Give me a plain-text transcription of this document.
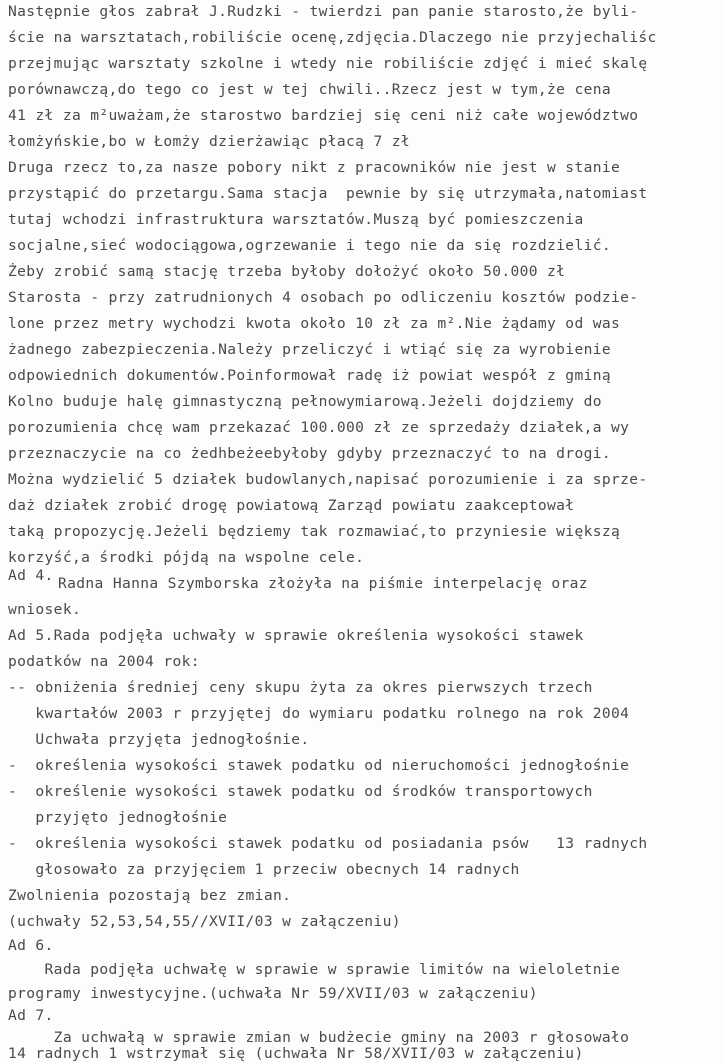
Następnie głos zabrał J.Rudzki - twierdzi pan panie starosto,że byli-
ście na warsztatach,robiliście ocenę,zdjęcia.Dlaczego nie przyjechaliśc
przejmując warsztaty szkolne i wtedy nie robiliście zdjęć i mieć skalę
porównawczą,do tego co jest w tej chwili..Rzecz jest w tym,że cena
41 zł za m²uważam,że starostwo bardziej się ceni niż całe województwo
łomżyńskie,bo w Łomży dzierżawiąc płacą 7 zł
Druga rzecz to,za nasze pobory nikt z pracowników nie jest w stanie
przystąpić do przetargu.Sama stacja  pewnie by się utrzymała,natomiast
tutaj wchodzi infrastruktura warsztatów.Muszą być pomieszczenia
socjalne,sieć wodociągowa,ogrzewanie i tego nie da się rozdzielić.
Żeby zrobić samą stację trzeba byłoby dołożyć około 50.000 zł
Starosta - przy zatrudnionych 4 osobach po odliczeniu kosztów podzie-
lone przez metry wychodzi kwota około 10 zł za m².Nie żądamy od was
żadnego zabezpieczenia.Należy przeliczyć i wtiąć się za wyrobienie
odpowiednich dokumentów.Poinformował radę iż powiat wespół z gminą
Kolno buduje halę gimnastyczną pełnowymiarową.Jeżeli dojdziemy do
porozumienia chcę wam przekazać 100.000 zł ze sprzedaży działek,a wy
przeznaczycie na co żedhbeżeebyłoby gdyby przeznaczyć to na drogi.
Można wydzielić 5 działek budowlanych,napisać porozumienie i za sprze-
daż działek zrobić drogę powiatową Zarząd powiatu zaakceptował
taką propozycję.Jeżeli będziemy tak rozmawiać,to przyniesie większą
korzyść,a środki pójdą na wspolne cele.
Ad 4. Radna Hanna Szymborska złożyła na piśmie interpelację oraz
wniosek.
Ad 5.Rada podjęła uchwały w sprawie określenia wysokości stawek
podatków na 2004 rok:
-- obniżenia średniej ceny skupu żyta za okres pierwszych trzech
kwartałów 2003 r przyjętej do wymiaru podatku rolnego na rok 2004
Uchwała przyjęta jednogłośnie.
-  określenia wysokości stawek podatku od nieruchomości jednogłośnie
-  określenie wysokości stawek podatku od środków transportowych
przyjęto jednogłośnie
-  określenia wysokości stawek podatku od posiadania psów   13 radnych
głosowało za przyjęciem 1 przeciw obecnych 14 radnych
Zwolnienia pozostają bez zmian.
(uchwały 52,53,54,55//XVII/03 w załączeniu)
Ad 6.
Rada podjęła uchwałę w sprawie w sprawie limitów na wieloletnie
programy inwestycyjne.(uchwała Nr 59/XVII/03 w załączeniu)
Ad 7.
Za uchwałą w sprawie zmian w budżecie gminy na 2003 r głosowało
14 radnych 1 wstrzymał się (uchwała Nr 58/XVII/03 w załączeniu)
